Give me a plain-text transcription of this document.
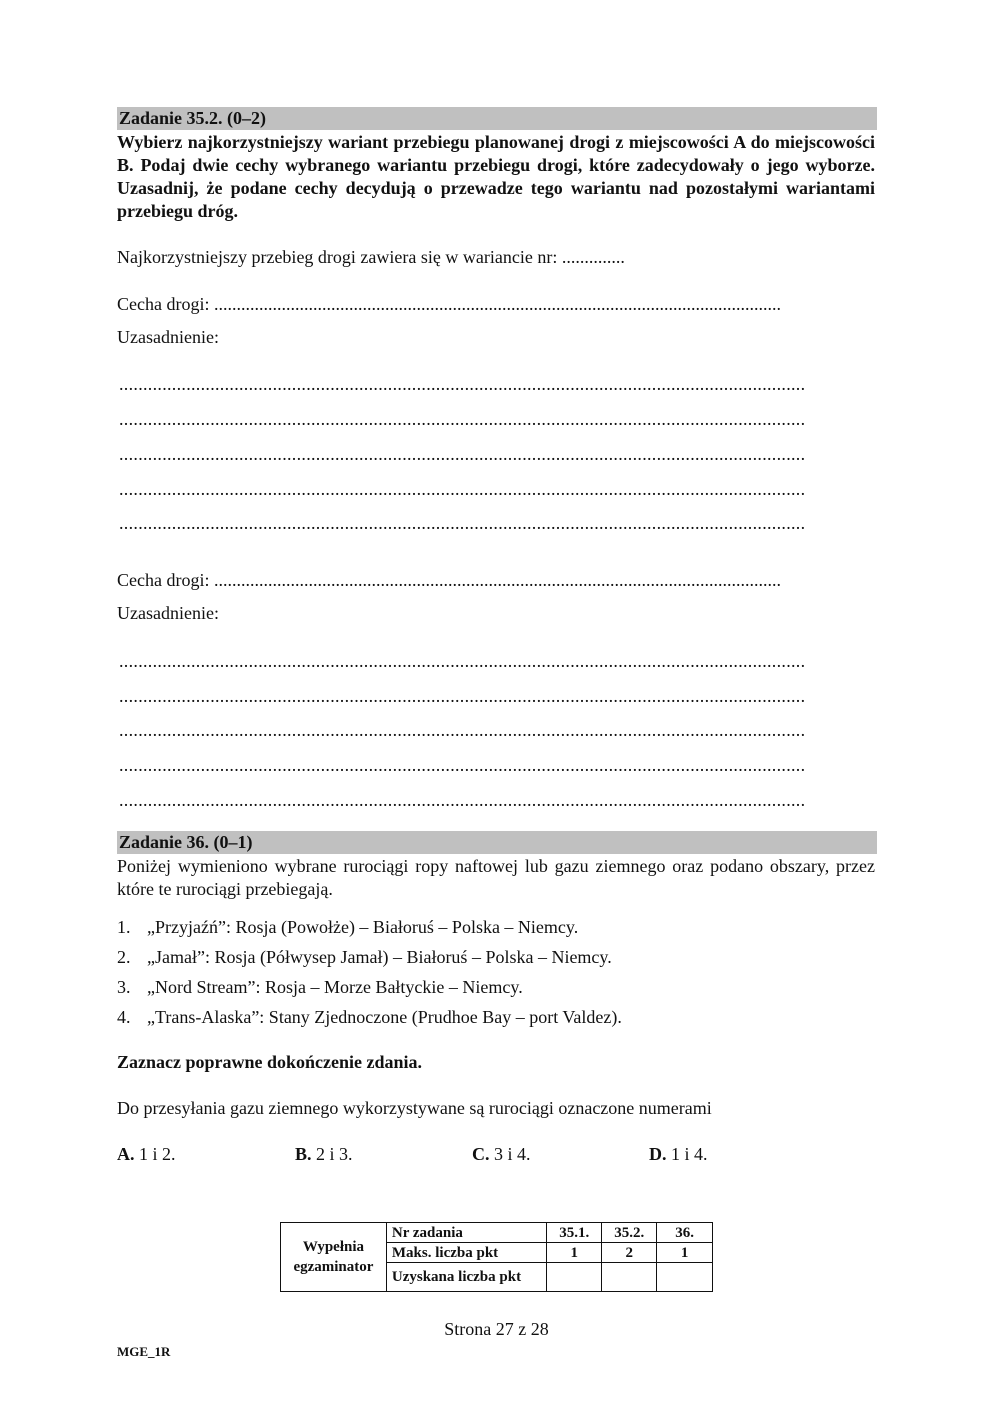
Zadanie 35.2. (0–2)
Wybierz najkorzystniejszy wariant przebiegu planowanej drogi z miejscowości A do miejscowości B. Podaj dwie cechy wybranego wariantu przebiegu drogi, które zadecydowały o jego wyborze. Uzasadnij, że podane cechy decydują o przewadze tego wariantu nad pozostałymi wariantami przebiegu dróg.
Najkorzystniejszy przebieg drogi zawiera się w wariancie nr: ..............
Cecha drogi: ..............................................................................................................................
Uzasadnienie:
...............................................................................................................................................
...............................................................................................................................................
...............................................................................................................................................
...............................................................................................................................................
...............................................................................................................................................
Cecha drogi: ..............................................................................................................................
Uzasadnienie:
...............................................................................................................................................
...............................................................................................................................................
...............................................................................................................................................
...............................................................................................................................................
...............................................................................................................................................
Zadanie 36. (0–1)
Poniżej wymieniono wybrane rurociągi ropy naftowej lub gazu ziemnego oraz podano obszary, przez które te rurociągi przebiegają.
1. „Przyjaźń”: Rosja (Powołże) – Białoruś – Polska – Niemcy.
2. „Jamał”: Rosja (Półwysep Jamał) – Białoruś – Polska – Niemcy.
3. „Nord Stream”: Rosja – Morze Bałtyckie – Niemcy.
4. „Trans-Alaska”: Stany Zjednoczone (Prudhoe Bay – port Valdez).
Zaznacz poprawne dokończenie zdania.
Do przesyłania gazu ziemnego wykorzystywane są rurociągi oznaczone numerami
A. 1 i 2.	B. 2 i 3.	C. 3 i 4.	D. 1 i 4.
Wypełnia egzaminator	Nr zadania	35.1.	35.2.	36.
	Maks. liczba pkt	1	2	1
	Uzyskana liczba pkt			
Strona 27 z 28
MGE_1R
